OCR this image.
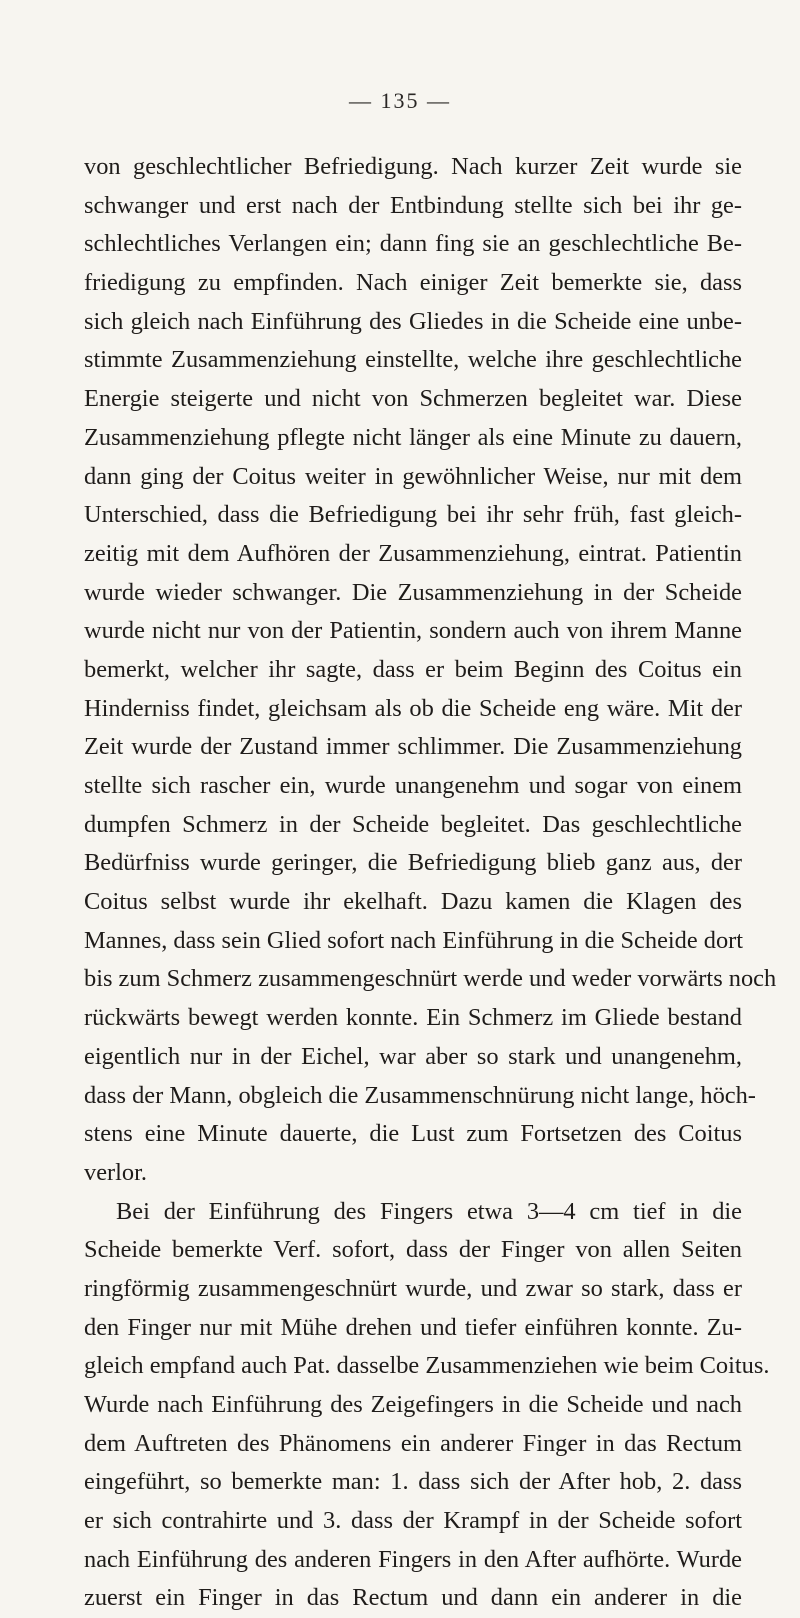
— 135 —
von geschlechtlicher Befriedigung. Nach kurzer Zeit wurde sie
schwanger und erst nach der Entbindung stellte sich bei ihr ge-
schlechtliches Verlangen ein; dann fing sie an geschlechtliche Be-
friedigung zu empfinden. Nach einiger Zeit bemerkte sie, dass
sich gleich nach Einführung des Gliedes in die Scheide eine unbe-
stimmte Zusammenziehung einstellte, welche ihre geschlechtliche
Energie steigerte und nicht von Schmerzen begleitet war. Diese
Zusammenziehung pflegte nicht länger als eine Minute zu dauern,
dann ging der Coitus weiter in gewöhnlicher Weise, nur mit dem
Unterschied, dass die Befriedigung bei ihr sehr früh, fast gleich-
zeitig mit dem Aufhören der Zusammenziehung, eintrat. Patientin
wurde wieder schwanger. Die Zusammenziehung in der Scheide
wurde nicht nur von der Patientin, sondern auch von ihrem Manne
bemerkt, welcher ihr sagte, dass er beim Beginn des Coitus ein
Hinderniss findet, gleichsam als ob die Scheide eng wäre. Mit der
Zeit wurde der Zustand immer schlimmer. Die Zusammenziehung
stellte sich rascher ein, wurde unangenehm und sogar von einem
dumpfen Schmerz in der Scheide begleitet. Das geschlechtliche
Bedürfniss wurde geringer, die Befriedigung blieb ganz aus, der
Coitus selbst wurde ihr ekelhaft. Dazu kamen die Klagen des
Mannes, dass sein Glied sofort nach Einführung in die Scheide dort
bis zum Schmerz zusammengeschnürt werde und weder vorwärts noch
rückwärts bewegt werden konnte. Ein Schmerz im Gliede bestand
eigentlich nur in der Eichel, war aber so stark und unangenehm,
dass der Mann, obgleich die Zusammenschnürung nicht lange, höch-
stens eine Minute dauerte, die Lust zum Fortsetzen des Coitus
verlor.
Bei der Einführung des Fingers etwa 3—4 cm tief in die
Scheide bemerkte Verf. sofort, dass der Finger von allen Seiten
ringförmig zusammengeschnürt wurde, und zwar so stark, dass er
den Finger nur mit Mühe drehen und tiefer einführen konnte. Zu-
gleich empfand auch Pat. dasselbe Zusammenziehen wie beim Coitus.
Wurde nach Einführung des Zeigefingers in die Scheide und nach
dem Auftreten des Phänomens ein anderer Finger in das Rectum
eingeführt, so bemerkte man: 1. dass sich der After hob, 2. dass
er sich contrahirte und 3. dass der Krampf in der Scheide sofort
nach Einführung des anderen Fingers in den After aufhörte. Wurde
zuerst ein Finger in das Rectum und dann ein anderer in die
